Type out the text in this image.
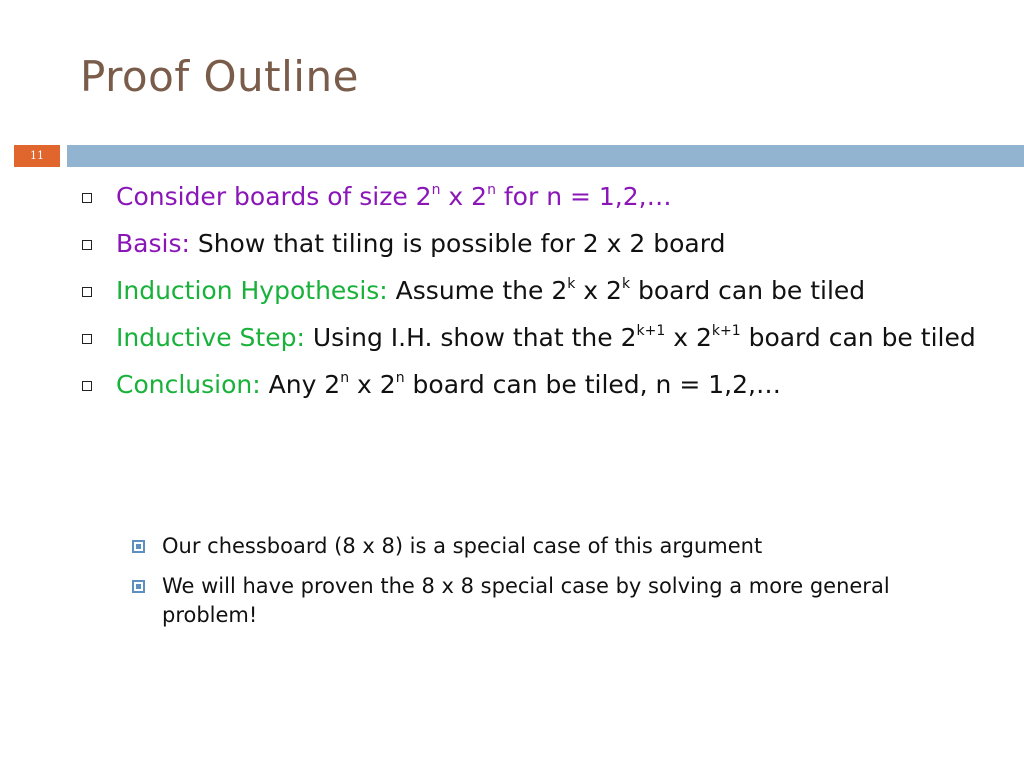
Proof Outline
11
Consider boards of size 2$^n$ x 2$^n$ for n = 1,2,…
Basis: Show that tiling is possible for 2 x 2 board
Induction Hypothesis: Assume the 2$^k$ x 2$^k$ board can be tiled
Inductive Step: Using I.H. show that the $2^{k+1}$ x $2^{k+1}$ board can be tiled
Conclusion: Any 2$^n$ x 2$^n$ board can be tiled, n = 1,2,…
Our chessboard (8 x 8) is a special case of this argument
We will have proven the 8 x 8 special case by solving a more general problem!
